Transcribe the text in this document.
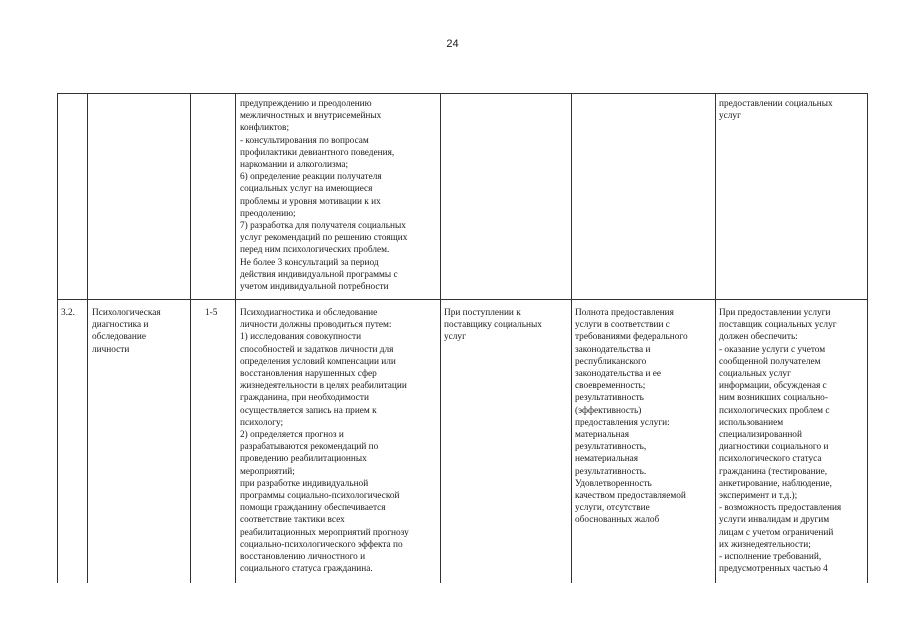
24
предупреждению и преодолению
межличностных и внутрисемейных
конфликтов;
- консультирования по вопросам
профилактики девиантного поведения,
наркомании и алкоголизма;
6) определение реакции получателя
социальных услуг на имеющиеся
проблемы и уровня мотивации к их
преодолению;
7) разработка для получателя социальных
услуг рекомендаций по решению стоящих
перед ним психологических проблем.
Не более 3 консультаций за период
действия индивидуальной программы с
учетом индивидуальной потребности
предоставлении социальных
услуг
3.2. Психологическая
диагностика и
обследование
личности
1-5 Психодиагностика и обследование
личности должны проводиться путем:
1) исследования совокупности
способностей и задатков личности для
определения условий компенсации или
восстановления нарушенных сфер
жизнедеятельности в целях реабилитации
гражданина, при необходимости
осуществляется запись на прием к
психологу;
2) определяется прогноз и
разрабатываются рекомендаций по
проведению реабилитационных
мероприятий;
при разработке индивидуальной
программы социально-психологической
помощи гражданину обеспечивается
соответствие тактики всех
реабилитационных мероприятий прогнозу
социально-психологического эффекта по
восстановлению личностного и
социального статуса гражданина.
При поступлении к
поставщику социальных
услуг
Полнота предоставления
услуги в соответствии с
требованиями федерального
законодательства и
республиканского
законодательства и ее
своевременность;
результативность
(эффективность)
предоставления услуги:
материальная
результативность,
нематериальная
результативность.
Удовлетворенность
качеством предоставляемой
услуги, отсутствие
обоснованных жалоб
При предоставлении услуги
поставщик социальных услуг
должен обеспечить:
- оказание услуги с учетом
сообщенной получателем
социальных услуг
информации, обсужденая с
ним возникших социально-
психологических проблем с
использованием
специализированной
диагностики социального и
психологического статуса
гражданина (тестирование,
анкетирование, наблюдение,
эксперимент и т.д.);
- возможность предоставления
услуги инвалидам и другим
лицам с учетом ограничений
их жизнедеятельности;
- исполнение требований,
предусмотренных частью 4
